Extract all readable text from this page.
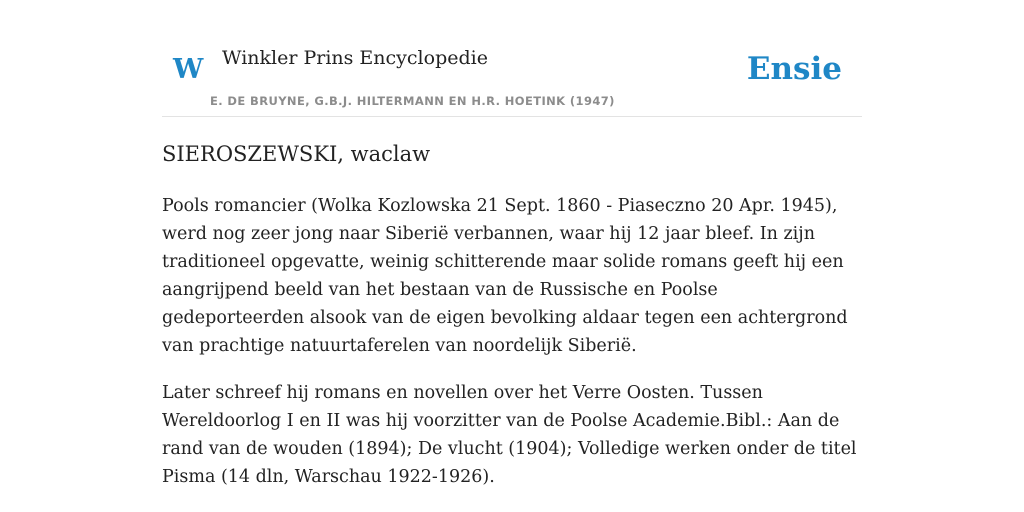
W Winkler Prins Encyclopedie
E. DE BRUYNE, G.B.J. HILTERMANN EN H.R. HOETINK (1947)
Ensie
SIEROSZEWSKI, waclaw

Pools romancier (Wolka Kozlowska 21 Sept. 1860 - Piaseczno 20 Apr. 1945), werd nog zeer jong naar Siberië verbannen, waar hij 12 jaar bleef. In zijn traditioneel opgevatte, weinig schitterende maar solide romans geeft hij een aangrijpend beeld van het bestaan van de Russische en Poolse gedeporteerden alsook van de eigen bevolking aldaar tegen een achtergrond van prachtige natuurtaferelen van noordelijk Siberië.

Later schreef hij romans en novellen over het Verre Oosten. Tussen Wereldoorlog I en II was hij voorzitter van de Poolse Academie.Bibl.: Aan de rand van de wouden (1894); De vlucht (1904); Volledige werken onder de titel Pisma (14 dln, Warschau 1922-1926).
